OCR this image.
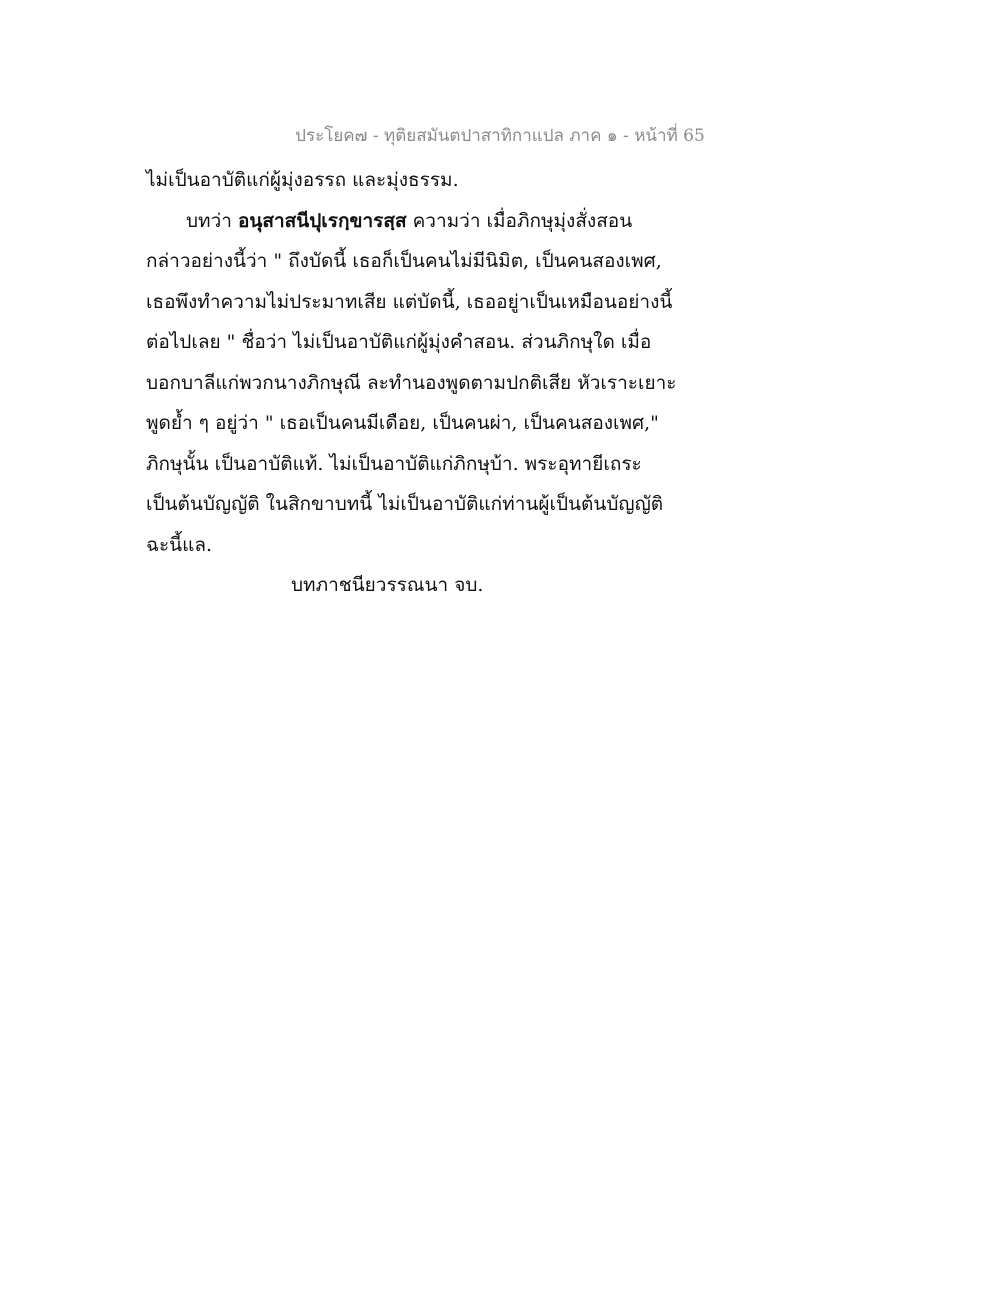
ประโยค๗ - ทุติยสมันตปาสาทิกาแปล ภาค ๑ - หน้าที่ 65
ไม่เป็นอาบัติแก่ผู้มุ่งอรรถ และมุ่งธรรม.
บทว่า อนุสาสนีปุเรกฺขารสฺส ความว่า เมื่อภิกษุมุ่งสั่งสอน
กล่าวอย่างนี้ว่า " ถึงบัดนี้ เธอก็เป็นคนไม่มีนิมิต, เป็นคนสองเพศ,
เธอพึงทำความไม่ประมาทเสีย แต่บัดนี้, เธออยู่าเป็นเหมือนอย่างนี้
ต่อไปเลย " ชื่อว่า ไม่เป็นอาบัติแก่ผู้มุ่งคำสอน. ส่วนภิกษุใด เมื่อ
บอกบาลีแก่พวกนางภิกษุณี ละทำนองพูดตามปกติเสีย หัวเราะเยาะ
พูดย้ำ ๆ อยู่ว่า " เธอเป็นคนมีเดือย, เป็นคนผ่า, เป็นคนสองเพศ,"
ภิกษุนั้น เป็นอาบัติแท้. ไม่เป็นอาบัติแก่ภิกษุบ้า. พระอุทายีเถระ
เป็นต้นบัญญัติ ในสิกขาบทนี้ ไม่เป็นอาบัติแก่ท่านผู้เป็นต้นบัญญัติ
ฉะนี้แล.
บทภาชนียวรรณนา จบ.
